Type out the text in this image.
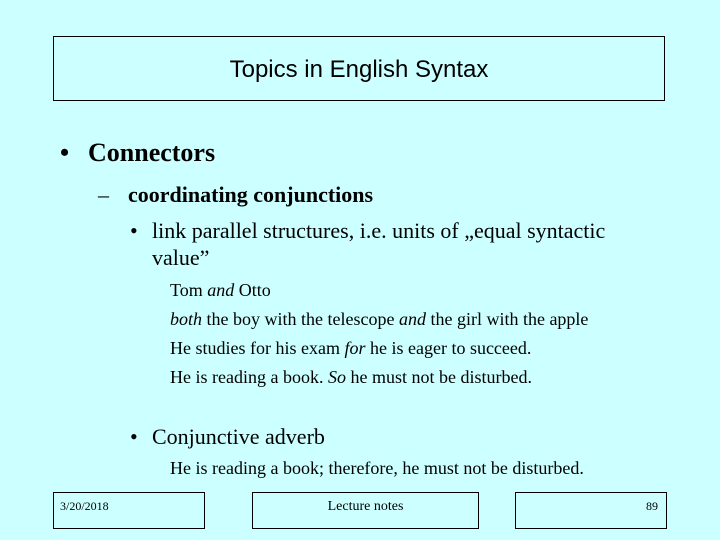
Topics in English Syntax
• Connectors
– coordinating conjunctions
• link parallel structures, i.e. units of „equal syntactic
value”
Tom and Otto
both the boy with the telescope and the girl with the apple
He studies for his exam for he is eager to succeed.
He is reading a book. So he must not be disturbed.
• Conjunctive adverb
He is reading a book; therefore, he must not be disturbed.
3/20/2018	Lecture notes	89
